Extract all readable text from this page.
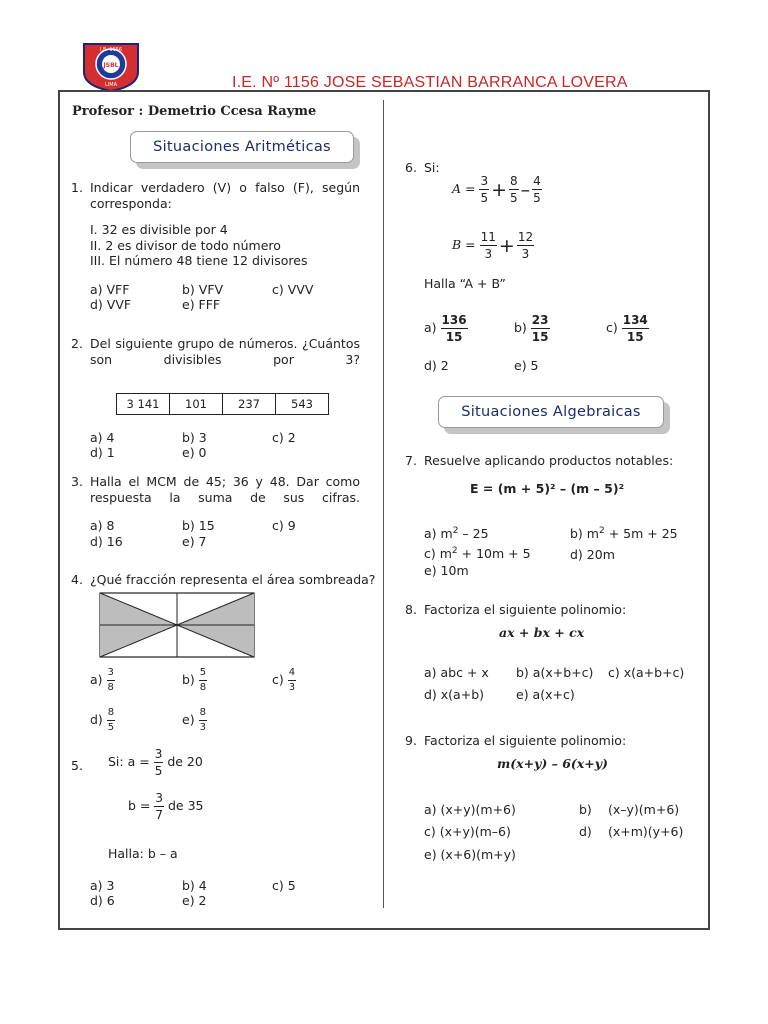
I.E. 1156
JSBL
LIMA	I.E. Nº 1156 JOSE SEBASTIAN BARRANCA LOVERA
Profesor : Demetrio Ccesa Rayme
Situaciones Aritméticas
1. Indicar verdadero (V) o falso (F), según corresponda:
I. 32 es divisible por 4
II. 2 es divisor de todo número
III. El número 48 tiene 12 divisores
a) VFF	b) VFV	c) VVV
d) VVF	e) FFF
2. Del siguiente grupo de números. ¿Cuántos son divisibles por 3?
3 141	101	237	543
a) 4	b) 3	c) 2
d) 1	e) 0
3. Halla el MCM de 45; 36 y 48. Dar como respuesta la suma de sus cifras.
a) 8	b) 15	c) 9
d) 16	e) 7
4. ¿Qué fracción representa el área sombreada?
$a) \frac{3}{8}$	$b) \frac{5}{8}$	$c) \frac{4}{3}$
$d) \frac{8}{5}$	$e) \frac{8}{3}$
5. Si: $a = \frac{3}{5}$ de 20
$b = \frac{3}{7}$ de 35
Halla: b – a
a) 3	b) 4	c) 5
d) 6	e) 2
6. Si:
$A = \frac{3}{5} + \frac{8}{5} - \frac{4}{5}$
$B = \frac{11}{3} + \frac{12}{3}$
Halla “A + B”
$a) \frac{136}{15}$	$b) \frac{23}{15}$	$c) \frac{134}{15}$
d) 2	e) 5
Situaciones Algebraicas
7. Resuelve aplicando productos notables:
E = (m + 5)² – (m – 5)²
a) $m^2 - 25$	b) $m^2 + 5m + 25$
c) $m^2 + 10m + 5$	d) 20m
e) 10m
8. Factoriza el siguiente polinomio:
ax + bx + cx
a) abc + x b) a(x+b+c) c) x(a+b+c)
d) x(a+b)	e) a(x+c)
9. Factoriza el siguiente polinomio:
m(x+y) – 6(x+y)
a) (x+y)(m+6)	b) (x–y)(m+6)
c) (x+y)(m–6)	d) (x+m)(y+6)
e) (x+6)(m+y)
